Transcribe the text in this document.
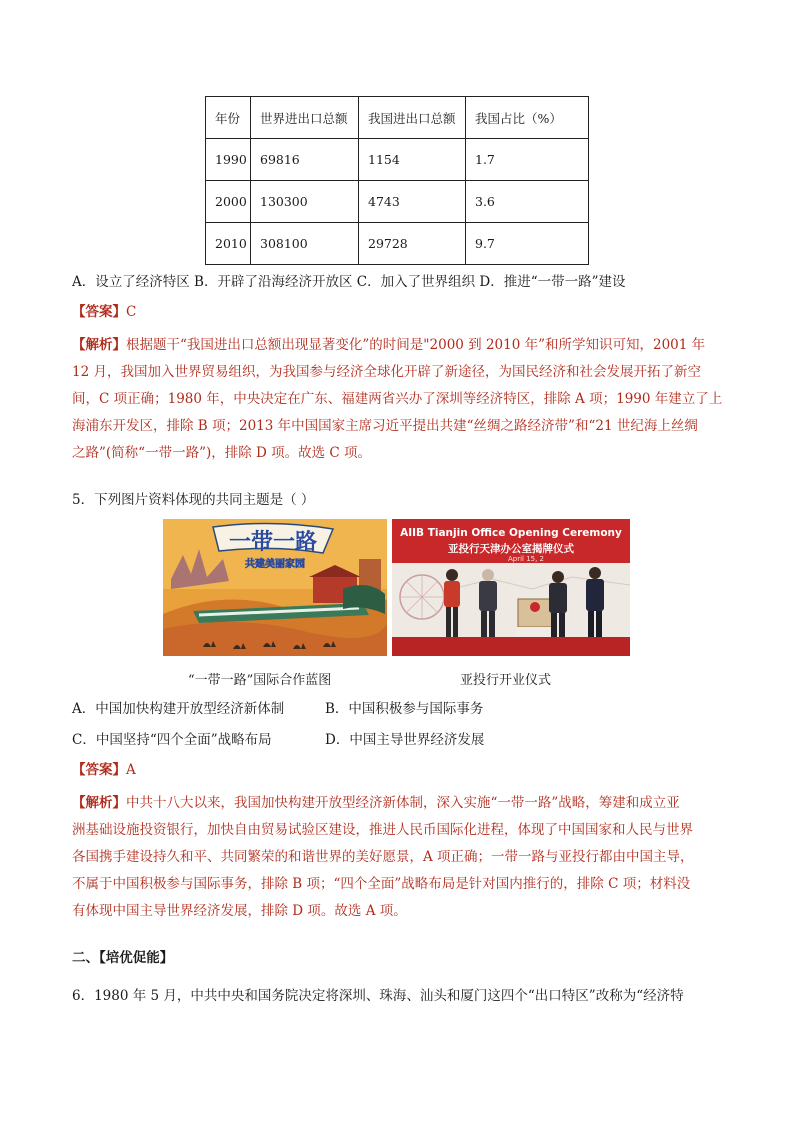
年份	世界进出口总额	我国进出口总额	我国占比（%）
1990	69816	1154	1.7
2000	130300	4743	3.6
2010	308100	29728	9.7
A．设立了经济特区 B．开辟了沿海经济开放区 C．加入了世界组织 D．推进“一带一路”建设
【答案】C
【解析】根据题干“我国进出口总额出现显著变化”的时间是"2000 到 2010 年”和所学知识可知，2001 年
12 月，我国加入世界贸易组织，为我国参与经济全球化开辟了新途径，为国民经济和社会发展开拓了新空
间，C 项正确；1980 年，中央决定在广东、福建两省兴办了深圳等经济特区，排除 A 项；1990 年建立了上
海浦东开发区，排除 B 项；2013 年中国国家主席习近平提出共建“丝绸之路经济带”和“21 世纪海上丝绸
之路”(简称“一带一路”)，排除 D 项。故选 C 项。
5．下列图片资料体现的共同主题是（ ）
一带一路
共建美丽家园
AIIB Tianjin Office Opening Ceremony
亚投行天津办公室揭牌仪式
April 15, 2
“一带一路”国际合作蓝图	亚投行开业仪式
A．中国加快构建开放型经济新体制	B．中国积极参与国际事务
C．中国坚持“四个全面”战略布局	D．中国主导世界经济发展
【答案】A
【解析】中共十八大以来，我国加快构建开放型经济新体制，深入实施“一带一路”战略，筹建和成立亚
洲基础设施投资银行，加快自由贸易试验区建设，推进人民币国际化进程，体现了中国国家和人民与世界
各国携手建设持久和平、共同繁荣的和谐世界的美好愿景，A 项正确；一带一路与亚投行都由中国主导，
不属于中国积极参与国际事务，排除 B 项；“四个全面”战略布局是针对国内推行的，排除 C 项；材料没
有体现中国主导世界经济发展，排除 D 项。故选 A 项。
二、【培优促能】
6．1980 年 5 月，中共中央和国务院决定将深圳、珠海、汕头和厦门这四个“出口特区”改称为“经济特
